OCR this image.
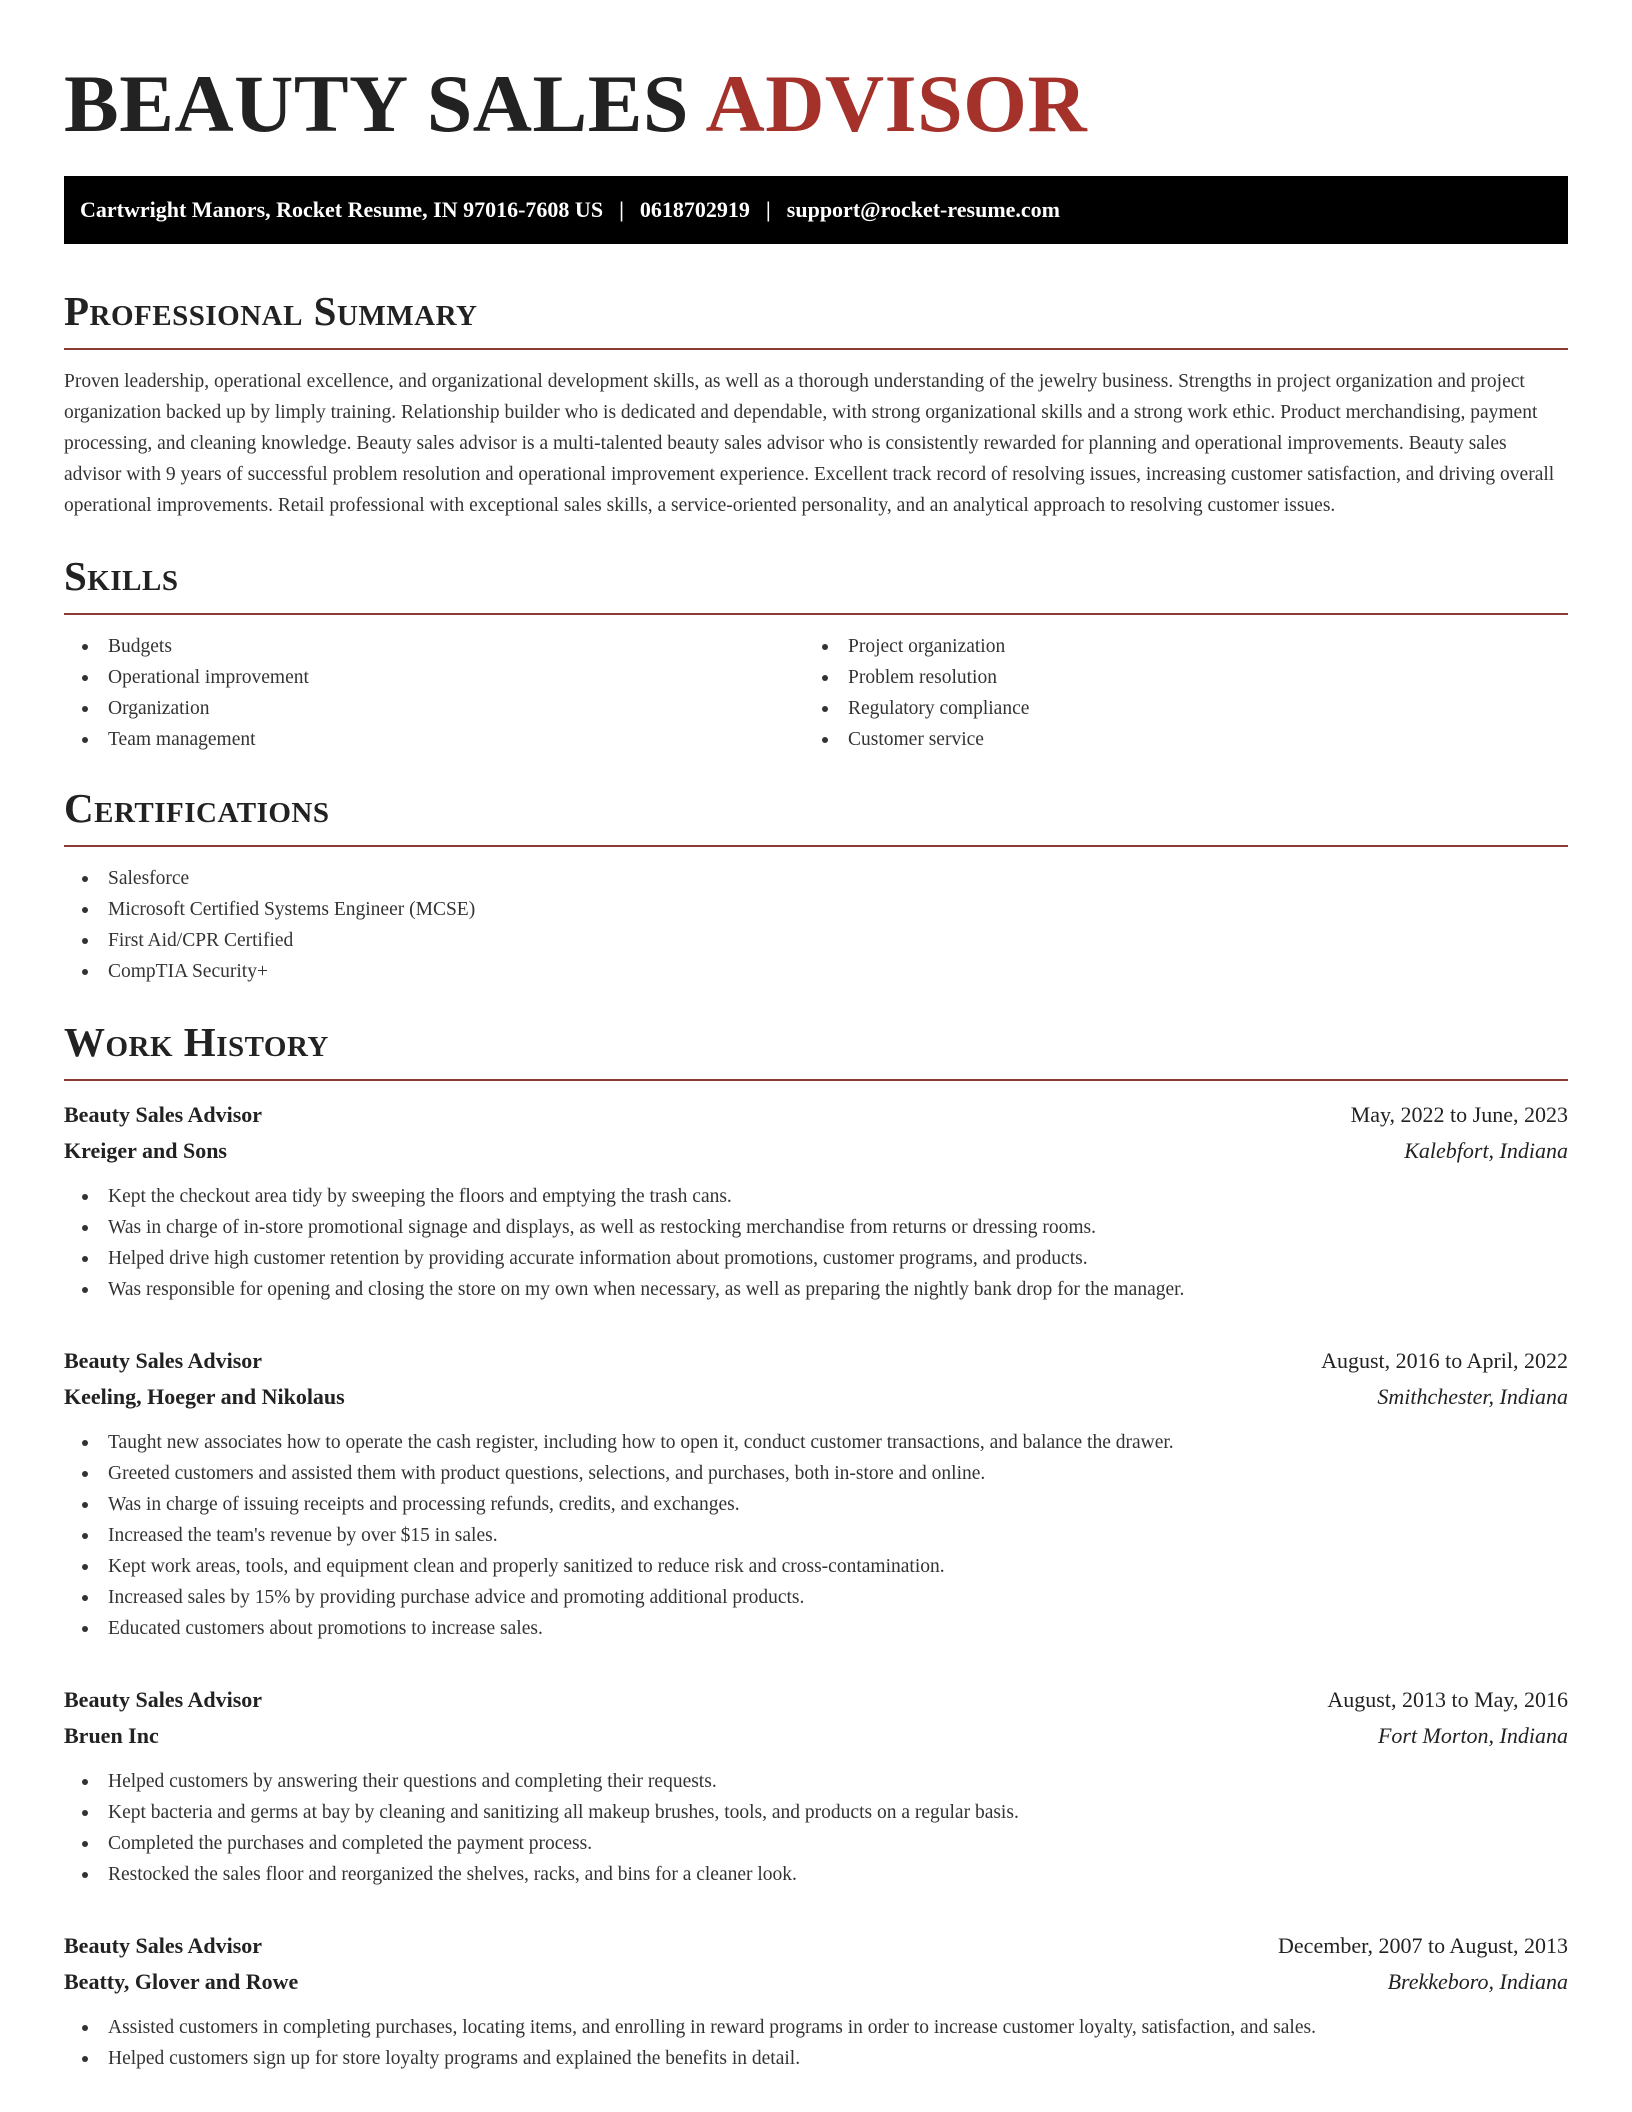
BEAUTY SALES ADVISOR
Cartwright Manors, Rocket Resume, IN 97016-7608 US | 0618702919 | support@rocket-resume.com
Professional Summary

Proven leadership, operational excellence, and organizational development skills, as well as a thorough understanding of the jewelry business. Strengths in project organization and project organization backed up by limply training. Relationship builder who is dedicated and dependable, with strong organizational skills and a strong work ethic. Product merchandising, payment processing, and cleaning knowledge. Beauty sales advisor is a multi-talented beauty sales advisor who is consistently rewarded for planning and operational improvements. Beauty sales advisor with 9 years of successful problem resolution and operational improvement experience. Excellent track record of resolving issues, increasing customer satisfaction, and driving overall operational improvements. Retail professional with exceptional sales skills, a service-oriented personality, and an analytical approach to resolving customer issues.

Skills
Budgets
Operational improvement
Organization
Team management
Project organization
Problem resolution
Regulatory compliance
Customer service
Certifications
Salesforce
Microsoft Certified Systems Engineer (MCSE)
First Aid/CPR Certified
CompTIA Security+
Work History
Beauty Sales Advisor	May, 2022 to June, 2023
Kreiger and Sons	Kalebfort, Indiana
Kept the checkout area tidy by sweeping the floors and emptying the trash cans.
Was in charge of in-store promotional signage and displays, as well as restocking merchandise from returns or dressing rooms.
Helped drive high customer retention by providing accurate information about promotions, customer programs, and products.
Was responsible for opening and closing the store on my own when necessary, as well as preparing the nightly bank drop for the manager.
Beauty Sales Advisor	August, 2016 to April, 2022
Keeling, Hoeger and Nikolaus	Smithchester, Indiana
Taught new associates how to operate the cash register, including how to open it, conduct customer transactions, and balance the drawer.
Greeted customers and assisted them with product questions, selections, and purchases, both in-store and online.
Was in charge of issuing receipts and processing refunds, credits, and exchanges.
Increased the team's revenue by over $15 in sales.
Kept work areas, tools, and equipment clean and properly sanitized to reduce risk and cross-contamination.
Increased sales by 15% by providing purchase advice and promoting additional products.
Educated customers about promotions to increase sales.
Beauty Sales Advisor	August, 2013 to May, 2016
Bruen Inc	Fort Morton, Indiana
Helped customers by answering their questions and completing their requests.
Kept bacteria and germs at bay by cleaning and sanitizing all makeup brushes, tools, and products on a regular basis.
Completed the purchases and completed the payment process.
Restocked the sales floor and reorganized the shelves, racks, and bins for a cleaner look.
Beauty Sales Advisor	December, 2007 to August, 2013
Beatty, Glover and Rowe	Brekkeboro, Indiana
Assisted customers in completing purchases, locating items, and enrolling in reward programs in order to increase customer loyalty, satisfaction, and sales.
Helped customers sign up for store loyalty programs and explained the benefits in detail.
